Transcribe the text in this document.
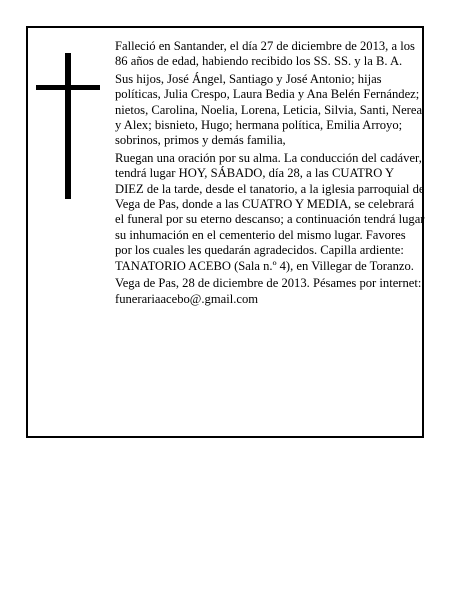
Falleció en Santander, el día 27 de diciembre de 2013, a los 86 años de edad, habiendo recibido los SS. SS. y la B. A.

Sus hijos, José Ángel, Santiago y José Antonio; hijas políticas, Julia Crespo, Laura Bedia y Ana Belén Fernández; nietos, Carolina, Noelia, Lorena, Leticia, Silvia, Santi, Nerea y Alex; bisnieto, Hugo; hermana política, Emilia Arroyo; sobrinos, primos y demás familia,

Ruegan una oración por su alma. La conducción del cadáver, tendrá lugar HOY, SÁBADO, día 28, a las CUATRO Y DIEZ de la tarde, desde el tanatorio, a la iglesia parroquial de Vega de Pas, donde a las CUATRO Y MEDIA, se celebrará el funeral por su eterno descanso; a continuación tendrá lugar su inhumación en el cementerio del mismo lugar. Favores por los cuales les quedarán agradecidos. Capilla ardiente: TANATORIO ACEBO (Sala n.º 4), en Villegar de Toranzo.

Vega de Pas, 28 de diciembre de 2013. Pésames por internet: funerariaacebo@.gmail.com
